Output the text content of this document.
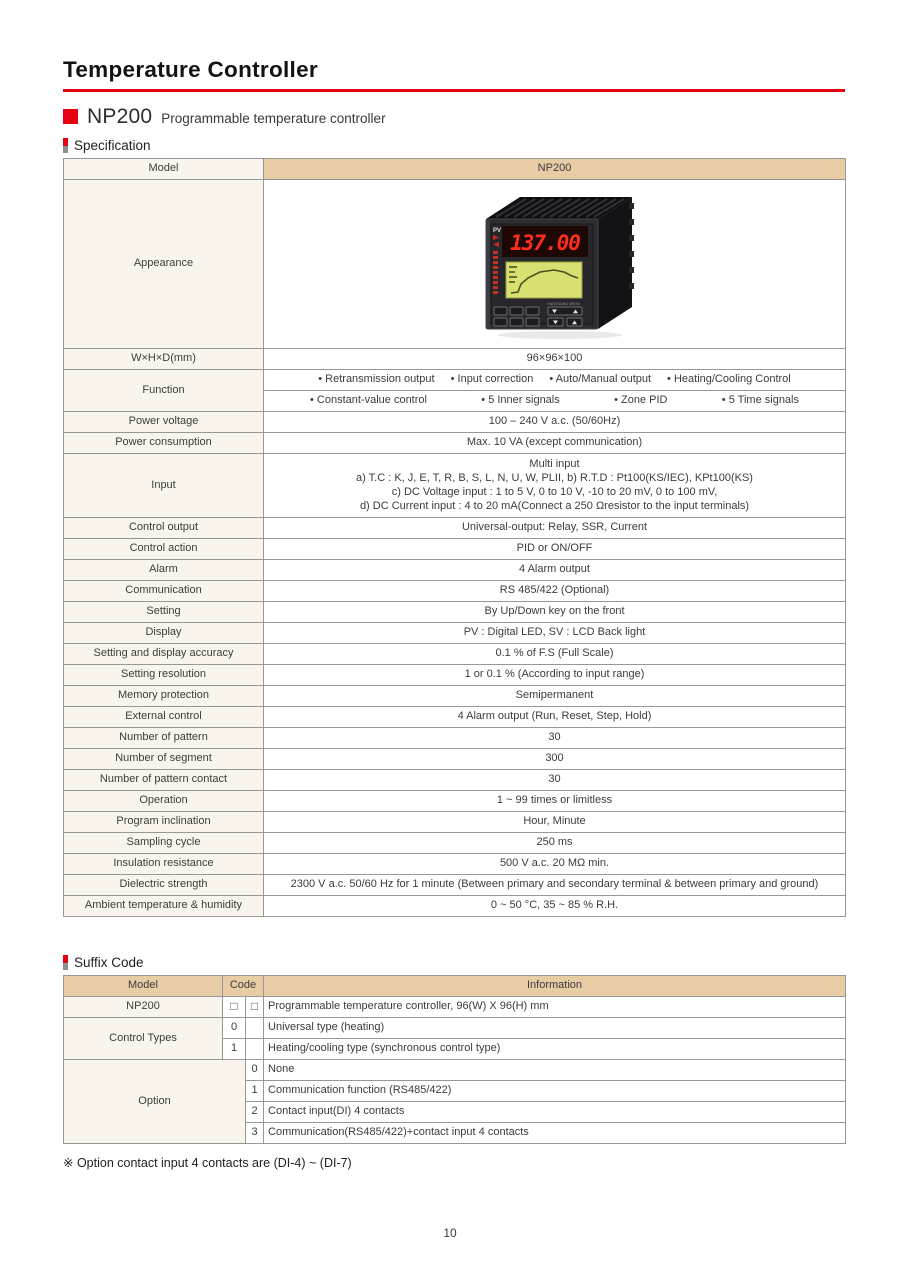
Temperature Controller
NP200 Programmable temperature controller
Specification
Model	NP200
Appearance	PV 137.00
HANYOUNG NP200

W×H×D(mm)	96×96×100
Function	• Retransmission output • Input correction • Auto/Manual output • Heating/Cooling Control

	• Constant-value control • 5 Inner signals • Zone PID • 5 Time signals

Power voltage	100 – 240 V a.c. (50/60Hz)
Power consumption	Max. 10 VA (except communication)
Input	Multi input
a) T.C : K, J, E, T, R, B, S, L, N, U, W, PLII, b) R.T.D : Pt100(KS/IEC), KPt100(KS)
c) DC Voltage input : 1 to 5 V, 0 to 10 V, -10 to 20 mV, 0 to 100 mV,
d) DC Current input : 4 to 20 mA(Connect a 250 Ωresistor to the input terminals)

Control output	Universal-output: Relay, SSR, Current
Control action	PID or ON/OFF
Alarm	4 Alarm output
Communication	RS 485/422 (Optional)
Setting	By Up/Down key on the front
Display	PV : Digital LED, SV : LCD Back light
Setting and display accuracy	0.1 % of F.S (Full Scale)
Setting resolution	1 or 0.1 % (According to input range)
Memory protection	Semipermanent
External control	4 Alarm output (Run, Reset, Step, Hold)
Number of pattern	30
Number of segment	300
Number of pattern contact	30
Operation	1 ~ 99 times or limitless
Program inclination	Hour, Minute
Sampling cycle	250 ms
Insulation resistance	500 V a.c. 20 MΩ min.
Dielectric strength	2300 V a.c. 50/60 Hz for 1 minute (Between primary and secondary terminal & between primary and ground)
Ambient temperature & humidity	0 ~ 50 °C, 35 ~ 85 % R.H.
Suffix Code
Model	Code		Information
NP200	□	□	Programmable temperature controller, 96(W) X 96(H) mm
Control Types	0		Universal type (heating)
	1		Heating/cooling type (synchronous control type)
Option		0	None
		1	Communication function (RS485/422)
		2	Contact input(DI) 4 contacts
		3	Communication(RS485/422)+contact input 4 contacts
※ Option contact input 4 contacts are (DI-4) ~ (DI-7)
10
